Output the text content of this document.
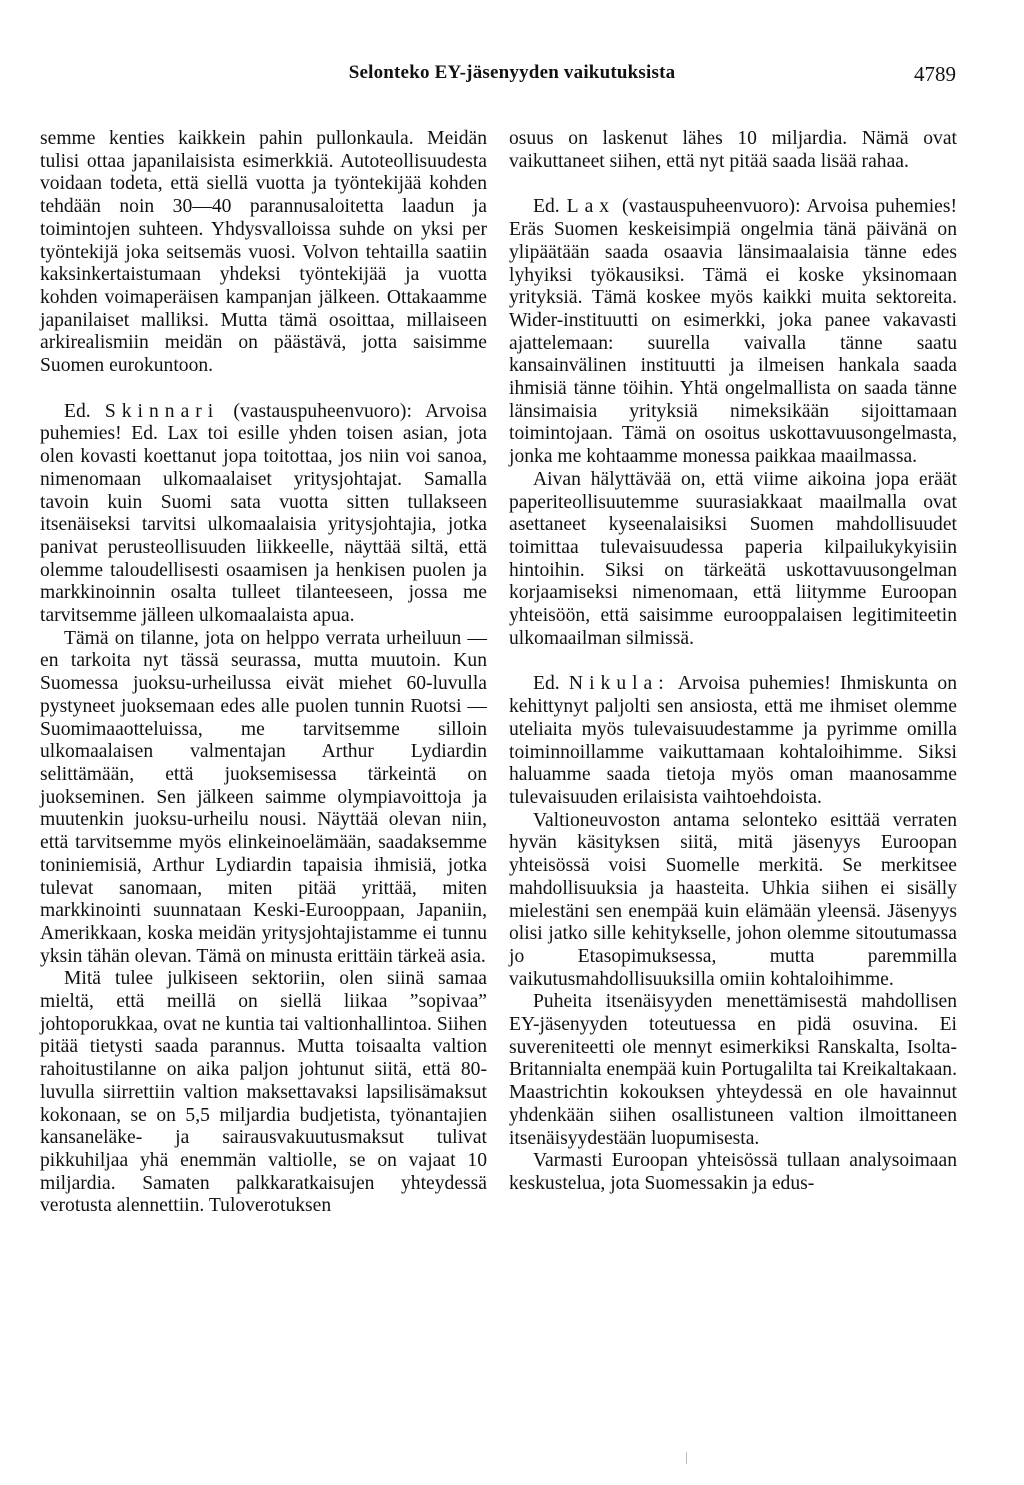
Selonteko EY-jäsenyyden vaikutuksista	4789

semme kenties kaikkein pahin pullonkaula. Meidän tulisi ottaa japanilaisista esimerkkiä. Autoteollisuudesta voidaan todeta, että siellä vuotta ja työntekijää kohden tehdään noin 30—40 parannusaloitetta laadun ja toimintojen suhteen. Yhdysvalloissa suhde on yksi per työntekijä joka seitsemäs vuosi. Volvon tehtailla saatiin kaksinkertaistumaan yhdeksi työntekijää ja vuotta kohden voimaperäisen kampanjan jälkeen. Ottakaamme japanilaiset malliksi. Mutta tämä osoittaa, millaiseen arkirealismiin meidän on päästävä, jotta saisimme Suomen eurokuntoon.

Ed. Skinnari (vastauspuheenvuoro): Arvoisa puhemies! Ed. Lax toi esille yhden toisen asian, jota olen kovasti koettanut jopa toitottaa, jos niin voi sanoa, nimenomaan ulkomaalaiset yritysjohtajat. Samalla tavoin kuin Suomi sata vuotta sitten tullakseen itsenäiseksi tarvitsi ulkomaalaisia yritysjohtajia, jotka panivat perusteollisuuden liikkeelle, näyttää siltä, että olemme taloudellisesti osaamisen ja henkisen puolen ja markkinoinnin osalta tulleet tilanteeseen, jossa me tarvitsemme jälleen ulkomaalaista apua.

Tämä on tilanne, jota on helppo verrata urheiluun — en tarkoita nyt tässä seurassa, mutta muutoin. Kun Suomessa juoksu-urheilussa eivät miehet 60-luvulla pystyneet juoksemaan edes alle puolen tunnin Ruotsi — Suomimaaotteluissa, me tarvitsemme silloin ulkomaalaisen valmentajan Arthur Lydiardin selittämään, että juoksemisessa tärkeintä on juokseminen. Sen jälkeen saimme olympiavoittoja ja muutenkin juoksu-urheilu nousi. Näyttää olevan niin, että tarvitsemme myös elinkeinoelämään, saadaksemme toniniemisiä, Arthur Lydiardin tapaisia ihmisiä, jotka tulevat sanomaan, miten pitää yrittää, miten markkinointi suunnataan Keski-Eurooppaan, Japaniin, Amerikkaan, koska meidän yritysjohtajistamme ei tunnu yksin tähän olevan. Tämä on minusta erittäin tärkeä asia.

Mitä tulee julkiseen sektoriin, olen siinä samaa mieltä, että meillä on siellä liikaa ”sopivaa” johtoporukkaa, ovat ne kuntia tai valtionhallintoa. Siihen pitää tietysti saada parannus. Mutta toisaalta valtion rahoitustilanne on aika paljon johtunut siitä, että 80-luvulla siirrettiin valtion maksettavaksi lapsilisämaksut kokonaan, se on 5,5 miljardia budjetista, työnantajien kansaneläke- ja sairausvakuutusmaksut tulivat pikkuhiljaa yhä enemmän valtiolle, se on vajaat 10 miljardia. Samaten palkkaratkaisujen yhteydessä verotusta alennettiin. Tuloverotuksen

osuus on laskenut lähes 10 miljardia. Nämä ovat vaikuttaneet siihen, että nyt pitää saada lisää rahaa.

Ed. Lax (vastauspuheenvuoro): Arvoisa puhemies! Eräs Suomen keskeisimpiä ongelmia tänä päivänä on ylipäätään saada osaavia länsimaalaisia tänne edes lyhyiksi työkausiksi. Tämä ei koske yksinomaan yrityksiä. Tämä koskee myös kaikki muita sektoreita. Wider-instituutti on esimerkki, joka panee vakavasti ajattelemaan: suurella vaivalla tänne saatu kansainvälinen instituutti ja ilmeisen hankala saada ihmisiä tänne töihin. Yhtä ongelmallista on saada tänne länsimaisia yrityksiä nimeksikään sijoittamaan toimintojaan. Tämä on osoitus uskottavuusongelmasta, jonka me kohtaamme monessa paikkaa maailmassa.

Aivan hälyttävää on, että viime aikoina jopa eräät paperiteollisuutemme suurasiakkaat maailmalla ovat asettaneet kyseenalaisiksi Suomen mahdollisuudet toimittaa tulevaisuudessa paperia kilpailukykyisiin hintoihin. Siksi on tärkeätä uskottavuusongelman korjaamiseksi nimenomaan, että liitymme Euroopan yhteisöön, että saisimme eurooppalaisen legitimiteetin ulkomaailman silmissä.

Ed. Nikula: Arvoisa puhemies! Ihmiskunta on kehittynyt paljolti sen ansiosta, että me ihmiset olemme uteliaita myös tulevaisuudestamme ja pyrimme omilla toiminnoillamme vaikuttamaan kohtaloihimme. Siksi haluamme saada tietoja myös oman maanosamme tulevaisuuden erilaisista vaihtoehdoista.

Valtioneuvoston antama selonteko esittää verraten hyvän käsityksen siitä, mitä jäsenyys Euroopan yhteisössä voisi Suomelle merkitä. Se merkitsee mahdollisuuksia ja haasteita. Uhkia siihen ei sisälly mielestäni sen enempää kuin elämään yleensä. Jäsenyys olisi jatko sille kehitykselle, johon olemme sitoutumassa jo Etasopimuksessa, mutta paremmilla vaikutusmahdollisuuksilla omiin kohtaloihimme.

Puheita itsenäisyyden menettämisestä mahdollisen EY-jäsenyyden toteutuessa en pidä osuvina. Ei suvereniteetti ole mennyt esimerkiksi Ranskalta, Isolta-Britannialta enempää kuin Portugalilta tai Kreikaltakaan. Maastrichtin kokouksen yhteydessä en ole havainnut yhdenkään siihen osallistuneen valtion ilmoittaneen itsenäisyydestään luopumisesta.

Varmasti Euroopan yhteisössä tullaan analysoimaan keskustelua, jota Suomessakin ja edus-
